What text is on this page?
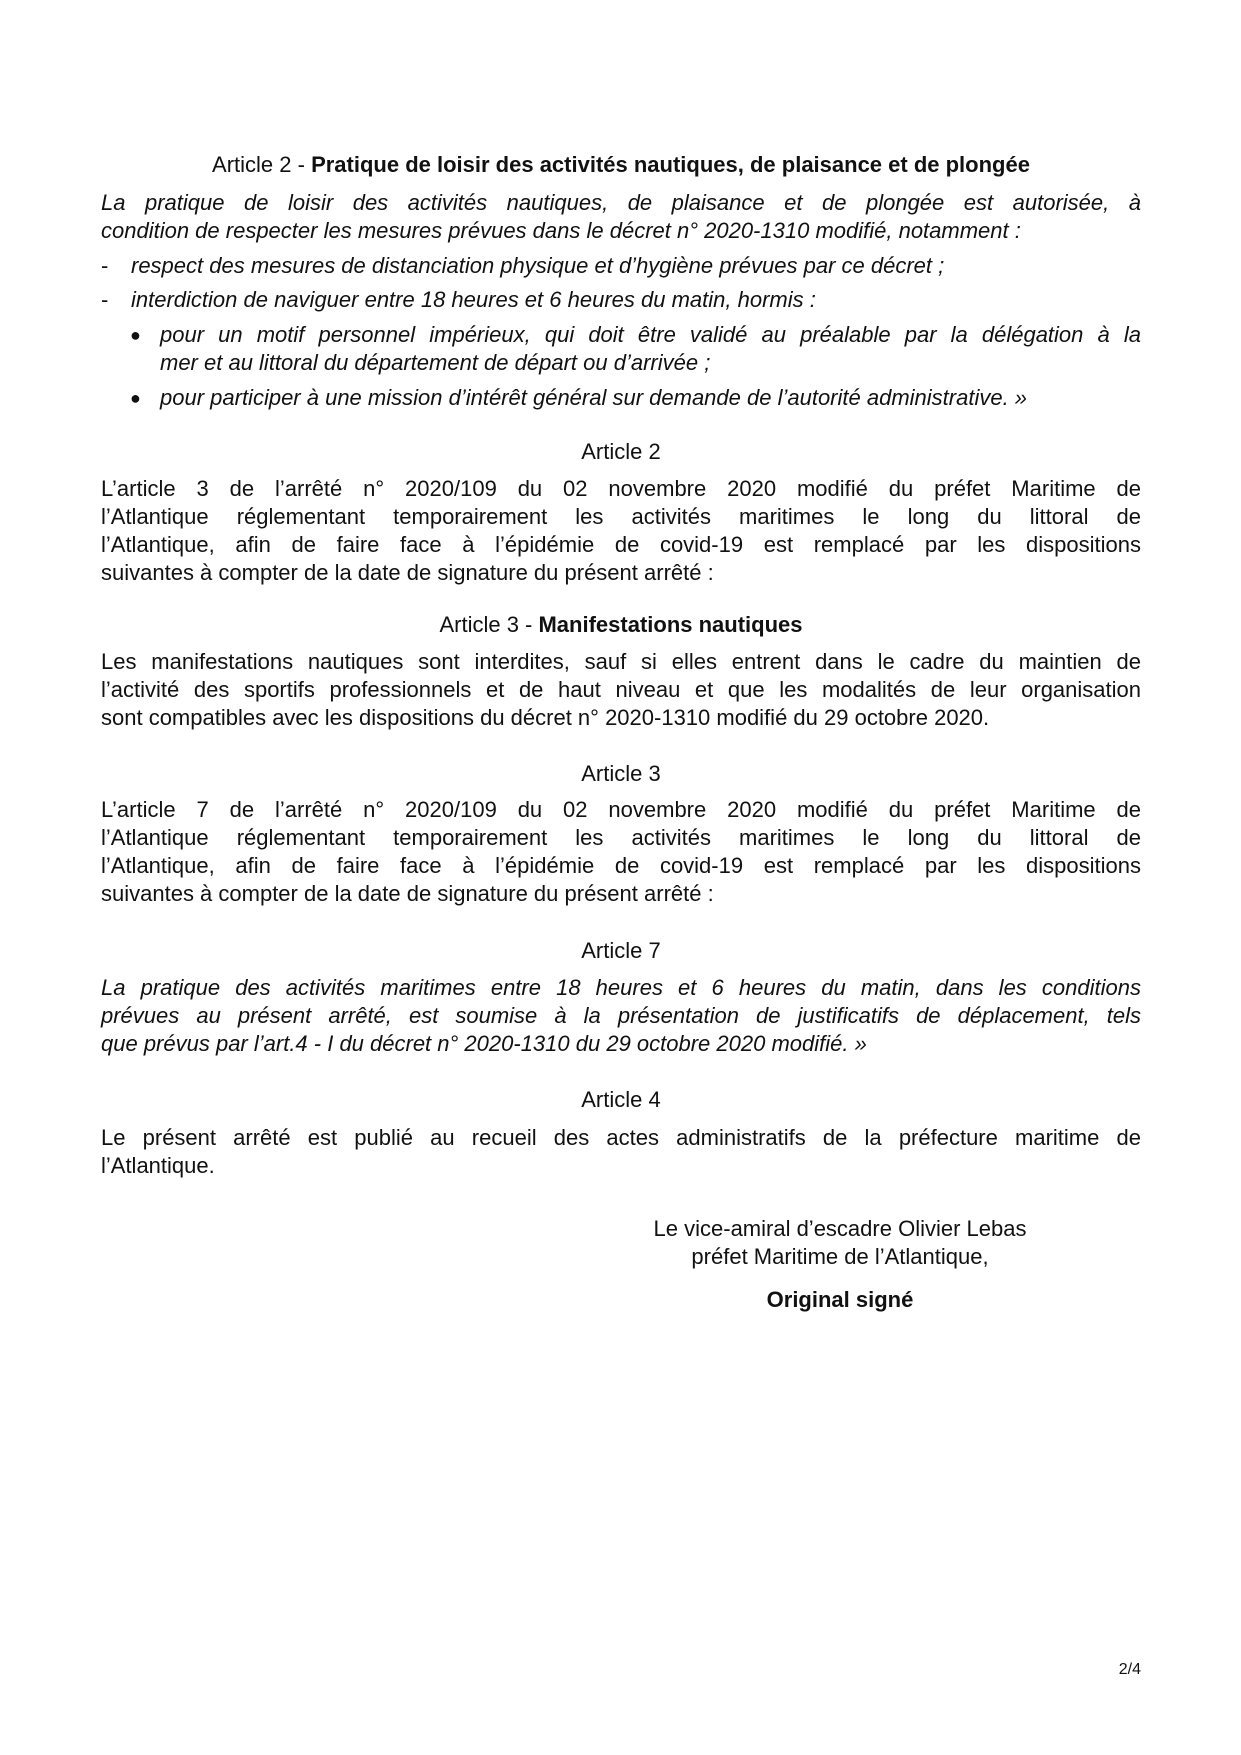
Article 2 - Pratique de loisir des activités nautiques, de plaisance et de plongée
La pratique de loisir des activités nautiques, de plaisance et de plongée est autorisée, à
condition de respecter les mesures prévues dans le décret n° 2020-1310 modifié, notamment :
- respect des mesures de distanciation physique et d’hygiène prévues par ce décret ;
- interdiction de naviguer entre 18 heures et 6 heures du matin, hormis :
● pour un motif personnel impérieux, qui doit être validé au préalable par la délégation à la
mer et au littoral du département de départ ou d’arrivée ;
● pour participer à une mission d’intérêt général sur demande de l’autorité administrative. »
Article 2
L’article 3 de l’arrêté n° 2020/109 du 02 novembre 2020 modifié du préfet Maritime de
l’Atlantique réglementant temporairement les activités maritimes le long du littoral de
l’Atlantique, afin de faire face à l’épidémie de covid-19 est remplacé par les dispositions
suivantes à compter de la date de signature du présent arrêté :
Article 3 - Manifestations nautiques
Les manifestations nautiques sont interdites, sauf si elles entrent dans le cadre du maintien de
l’activité des sportifs professionnels et de haut niveau et que les modalités de leur organisation
sont compatibles avec les dispositions du décret n° 2020-1310 modifié du 29 octobre 2020.
Article 3
L’article 7 de l’arrêté n° 2020/109 du 02 novembre 2020 modifié du préfet Maritime de
l’Atlantique réglementant temporairement les activités maritimes le long du littoral de
l’Atlantique, afin de faire face à l’épidémie de covid-19 est remplacé par les dispositions
suivantes à compter de la date de signature du présent arrêté :
Article 7
La pratique des activités maritimes entre 18 heures et 6 heures du matin, dans les conditions
prévues au présent arrêté, est soumise à la présentation de justificatifs de déplacement, tels
que prévus par l’art.4 - I du décret n° 2020-1310 du 29 octobre 2020 modifié. »
Article 4
Le présent arrêté est publié au recueil des actes administratifs de la préfecture maritime de
l’Atlantique.
Le vice-amiral d’escadre Olivier Lebas
préfet Maritime de l’Atlantique,
Original signé
2/4
